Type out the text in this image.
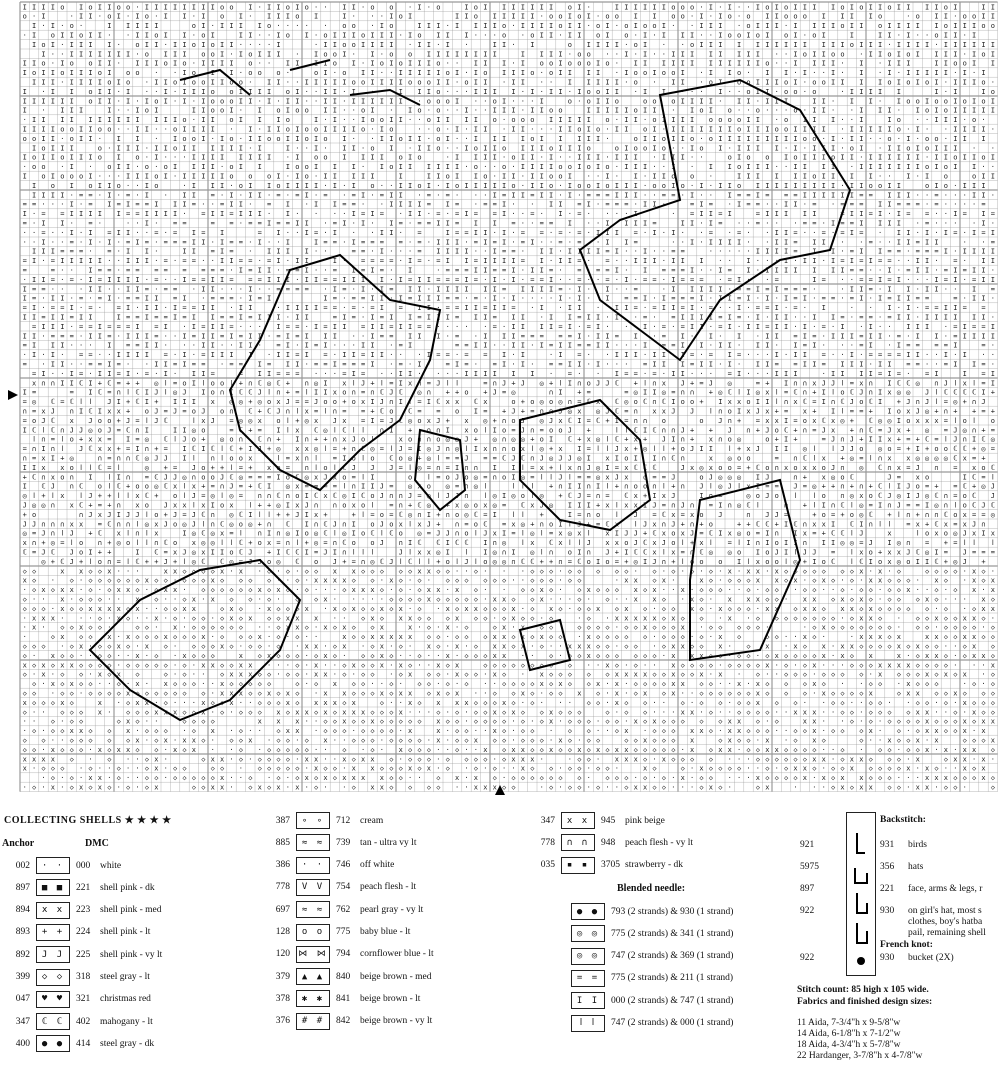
I I I I o I o I I o o · I I I I I I I I o o I · I I o I o · · I I · o o · I · o	I o I I I I I I I o I ·	I I I I I I o o o · I · I · · I o I o I I I I o I o I I o I I I I o I	I I
o · I	· I I · o I · I o · I I · I o I · I I I o I	I · · · I o I	I I o I I I I I · o o I o I · o o I I o o · I · I o · o I I o o o I I I I o	· o I I · o o I I
I · I · o ·	I I I I I	o I · I I I I o · · · · · o o · I o	I I I · I I I I o · I I I I o I I · o I · o I o o I · · I I I · o I I I · I I I I o I I o I I I I I o I I I o o
· I o I I o I I · · I I o I I · o I	I I · · I o I · o I I I o I I I · I o I I I · · · o · o I I · I I o I o · I · I I I · · I o o I o I o I · o I	I	I I · I · · o I I · I
I o I · I I I I · o I I · I I o I o I I · · · · I	· I I o o I I I I · I I · I ·	I I · I	o I I I I · o I · · o I I I I I I I I I I I I I o I I I · I I I I · I I I I I I
I · · I I I I I I I · o I I I o o I · I o I I I · I o o I · I · o o I I I I I I I I	I I I I · o o · · I · I · · I I I I I I I I · · I o I I o o · I I o I o I I I I · I o I
I I o · I o o I I · I I I o I o · I I I I o · · I I I I o I · I o I o I I I o · · I I I · I o o I o o o I o · I I I I I I I I I I I I o · · I I I I · I · I I I	I I o o I I
I o I I o I I I o I o o · · I o I · I · o o o ·	o I · o I I · · I I I I I o I · I o I I I o · o I I I I · I o o I o o I · I I o · I I · I · · I · I · I · I I I I I · I · I
I I I · I I I I o I o · I I o I o o I I o o · I I · · I I I I I o o I I I I o o o I I · o I I · I I · · I I I I I · o · I I · o I · o o I I I o I · o o I I I I o I o I o I · I I I o ·
I · I I o I I · I · · I · I I I o o I I I I o I · · I I · I ·	I I I o · · · I I I I · I · I I · I o o I I · I I · · · I · · o I I · o o · o	· I I I I I	I · I	I o
I I I I I I o I I · I · I o I · I · I o o o I I · I · I I · · I I · I I I I I I · o o o I · · o I · · · I	o · o I I o	o o o I I I I · I I · I I I	I I · I I · I o o I o o I o I o I
I · I I I	I · · I o I	I I o o I · I o I o o I I · · o I · I o · o · · I · · I I I · I I o o	I I I I I o I I · I o I o · · o · · · o · I I · · I I I · I o I o I I I I I
· I I I I I I I I I I I I I o · I I o I I I o	I · I · · I o o I I · · o I I I I o · o o o I I I I I o · I I · o I I I I o o o o I I · o I I I · · I	I o · · I I I · o ·
I I I I o o I I o o · · I I · · o I I I I · I · I I o I o o I I I I o · I o	· · o · I · I I · I I · · · I I o I o · I I o I · I I I I I I I o I I I o o I I I I · I I I I I o · I · · I I I I ·
o o I I · o I I · I I · I o o I · I o · I I o o I I o I o I · · I I o I I · o I · · I I I I o I I I I I ·	o I I o I I o · o I I I I I I I I I o o · I · I I · · o · I · o o · I I I
I o I I I	o · I I I · I I o I I I I I I · I	I · · I · I I · o I · I I o · · I o I I o I I I o I I I o	o I o o I o · · I o I · I I I I · I · I I I · o I · I I o I o I I I · ·
I o I I o I I I o I o · I · · · I I I I I I I I · I o o I I I I o I o	· I I I I · o I I · I · · I I I · I I I · I I I · ·	o I o o I o I I I o I I · I I I I I I · I I o I I o I
· o o · I · o I I · o · o I I I I · o I I	I o o I I I · I o I I I I I I · o · · o · I I I I o o I o I o · I I I · · I · I I o I I I · · I I I I · I I I I I I I o I o I I · ·
I o I o o o I · · · I I I o I · I I I I I o o o I · I o · I I I I I	I	I I o I I o · I I · I I o o I · · I · I · I I o o ·	I I I I I I o I I I I · · I · I o	o I I
I o I o I I o · · I o	· I I I · o I I o I I I I · I · I o · · I I o I · I o I I I I I o · I I o · I o o I o I I I · o o I o · I · I I o I I I I I I I I I · I I o o I I	o I o · I I I
I I I I · = = · I · = · I · I I = · I · I I · = · = I · = · = I · = I I · = · = · · · I = I I = I I · I · = = = I I I · · = = · I · · I = = I = = = I I I I I I = = I I I · · = · · · I I ·
= = · · · I · = I = I = = I I I = · · = I I · = I · I I = = · · I I I I = I = · = = I · · I I = I · = = = · I I ·	= I = · I = = · · I I · = · = = = I I = = = · = · · · · =
I · = = I I I I I = = I I I I · = I I = I I I · I · · · · I = I = · I I · = · = I = = I · · = · I · = · · · · I	· = I I = I	= I I I I I	= I I = I · I = = · · I = I =
= · I I · = ·	· · I · = =	= = · = = I = = I I · = I · I · I = · = = I I = I I = · · = = I · · I I I I =	I I · I = · · = · · · = = · I = = I I I I · = · · · · I ·
· · = · · I · I = I I · · = · = I = I	= I · · I = · I · · I I · =	I = = I I · I · = = · = · = · I I I = · I · I · · = · = · · I I = · · = · = I = · I I · I · I = · I = I
· · I · · = · I · I · = I = · = = = I I · I = = · I · · I	I = = · I = = = = · = · I I I · = I = I · = I · · = · = · I I =	· · I · I I I I · · I I = I I · · · = · · I I = I I	· · =
I I I = = = · = · I I ·	I I = I = · I I I I · ·	= = · I · · · = I I I I · · I = = · I I · I I I I = I · · I · · = =	· · · · · I I I I = I · I · = I I = = · = = = I · I I I I
= I · = I I I I I · · I I I · = · = = · · I I = = · = I · I I	I · = = = = · I = · = I I = I I I I = I · I I = · = · · I I I · I I I · · I · · · I · I I · I = I = I = = · · I I · = · I I
=	= · · I = = · = = = = = = = = · I = I I · = = I · · = I = I = · I	· = = = I I = = I · I I = · = · = = I · I = = = I · · I = I · I I I I I I I = = · · I · = I I · = I = I I ·
· I I = · = · I = I I I I · = · · I = = I I = = = I I I · I I = = I I I I · I = I I = = = I = · I · I · = = I · · = · · = · I · = = · I = = = · = I · · =	I = · · = = I = I · · · I = I · = I I
I = = · · · I I · · I I = · = = · I I · · · I · · = = = = · I = · I · I = I I · I I I I I I = I I I I = · I · I · · =	· I I I I I · = = I = I = = = ·	· I I = · I I · I I · · I =
I = · I I · = · = I · = = I I = I · = = = · I = I ·	I = · = = I I · I = I I I = = · = · I · I · · · · I · I · I = = I · I = = = I · I I = I · I · I = I · = = · = I · I = I I = =	= · I I ·
= I · = = I · = · = I · I I · I = = I I · I I	· I I I I = = · = · = I = I I · = = I I = I I = · I · I I · I I = · = I I = I · = · · I · = = I · = · I	· · I · I · = = I I = =
I I = I I = I I	I = = I = = I = I I = = I = I I I · I I	= I = · I = I I = I I I = I I = I I · I I = I I · I · = · = I I I I = I = · I · I I · · I I = · = = · = I I · I I I I I I ·
= I I I · = = I = = = I = I · I = I I = · · · I = = · I = I I = I I = I I = = · · · · · = · I I I I = I · = I · · · I · = · = I I · = I · I I = I I · I · = · I · I · · I I I · = I = = I
I I · = = = · I I = · I I I = · · I = I I = I = I I · = I = I I I · · I = = I I I · = · I I I = = = = = I · I I = I · = I · I · I · I I = I = · I I I = I I · = · I I · = I I I I
= I I I · · · I = = I I · · · I I · · I I · = I · I = I · · · I I · = I	= = I I · · I I · I = I I = = I I · · · I = = I I · I I · I I · I = I · · · = I · I = = = = I	= ·
· I · I · = = · · I I I I = · I · = I I I I · I I = I = · I I = I I · · · I = = · = = I · I	· I = · · I I I · I I · I = · = I = · · · I · I I = · · I · = = = = I I · · I · I · ·
= · I I · · = = I = · · I I = I = = · = = I = I I · = = I = = = I · = · I · = I = · = I · I · = = I I · I · · · = I I I = I I · I · I I = = I I = I I I · I I = = · · = I I = ·
= I · · I = · I I = I · = · I · I I =	= I I = = = · · · = I = · · I I · · · · I I I I I I · = · · I = = · = · I I · · · = I · · · I I I	· I I I I = I = · = I	I = I
x ∩ ∩ I I ℂ I + ℂ = + + ◎ ⅼ = o I ⅼ o o ⅼ + ∩ ℂ ◎ ℂ + ∩ ◎ I x ⅼ J + ⅼ = I x ∩ = J ⅼ ⅼ	= ∩ J + J ◎ + ⅼ I ∩ o J J ℂ + ⅼ ∩ x J + = J ◎	= + I ∩ ∩ x J J ⅼ = x ∩ I ℂ ℂ ◎ ∩ J ⅼ x ⅼ = I
I =	= I ℂ = ∩ ⅼ ℂ I J ⅼ ◎ J I o ∩ I ℂ ℂ J ⅼ ∩ + = ⅼ I I x o ∩ = ∩ ℂ J ℂ ◎ ∩ + + o + J = ◎	∩ I + =	= ◎ I I ◎ = ∩ ∩ + ◎ ℂ ⅼ I ◎ x ⅼ = ℂ ∩ + I ⅼ o ℂ J ∩ I x ◎ ◎ J ⅼ ℂ ℂ ℂ ℂ I +
= ◎ ℂ = ℂ ⅼ ⅼ J I + ℂ I + I I I x ◎ ◎ + ◎ o x J = = J o o + o x I J ∩ I ⅼ = I ℂ x x ℂ x	o + o ◎ o ◎ ∩ = ℂ x ℂ ◎ o ℂ ∩ ℂ I o o + I x x o I I ⅼ ∩ x ℂ = I ∩ ℂ J o ℂ I + J ∩ J ⅼ = ◎ + ∩ J
∩ = x J ∩ I ℂ I x x + o J = J = o J o ∩ ℂ + ℂ J ∩ ⅼ x = ⅼ ∩ = = + ℂ o ℂ = = o I = + J + = ∩ ∩ J ◎ x ◎ J ℂ = ∩ x x J J ⅼ ∩ o I x J x + = x + I ⅼ = = + I o x J ◎ + ∩ + + = +
= o J ℂ x J o o + J = ⅼ J ℂ	ⅼ x J = ◎ ◎ x o ⅼ + ◎ x J x = I = J ℂ ◎ o x J + x ◎ + ∩ o J ◎ J x ℂ I = ℂ + I = ∩ ∩ o	o J ∩ + = x x I = o x ℂ x ◎ + ℂ ◎ ◎ I o x x x = ⅼ o ⅼ o
I ℂ ⅼ ℂ ∩ J J ◎ o J = ℂ ∩ I	I I ◎ o	= ℂ + = I ⅼ x ℂ ◎ ⅼ ℂ ⅼ ⅼ ∩ I + ∩ ∩ I x o ⅼ I o = J ∩ = o o J +	ⅼ ⅼ ℂ I ℂ ∩ ∩ J + + J ∩ + J o ℂ + ∩ = J x + ∩ ℂ = J x + ◎ = J ◎ ∩ + =
ⅼ ∩ = ⅼ o + x x = I = ◎ ℂ ⅼ J o + ◎ o ∩ ℂ ∩ + I ∩ + + ∩ x J o ⅼ	x o ∩ ∩ o ◎ ◎ J + ◎ ∩ ◎ ◎ + o I ℂ + x ◎ ⅼ ℂ + x + J I ∩ + x ∩ o ◎	o + I +	= J ∩ J + I I x + = + ℂ = ⅼ J ∩ I ℂ ◎
= ∩ I ∩ ⅼ J ℂ x x + = I ∩ + = I ℂ I ℂ ⅼ ℂ + I J + ◎ x x ◎ ⅼ = + ∩ ℂ ◎ = ⅼ J = I ◎ J ∩ ◎ ⅼ I x ∩ ∩ o x ⅼ ◎ + x I = ⅼ ⅼ J x + ◎ ⅼ ⅼ + o J I I ⅼ + x J I I ◎ ⅼ ⅼ J J o ◎ o = + I + o o ℂ ℂ + ◎ =
∩ = x I + ◎	∩ = ∩ ∩ ℂ ◎ J J I ⅼ ∩ ⅼ o o x	ⅼ = x ∩ ⅼ = I o ⅼ o ℂ o ◎ + ◎ ⅼ = = J = = ℂ J ℂ ∩ J ◎ J J ◎ I x I o I I ∩ ℂ ∩	x ◎ o o	= ∩ ℂ ⅼ x + ◎ = ⅼ ∩ x x ◎ ◎ ◎ ◎ ℂ x = +
I I x x o ⅼ ⅼ ℂ = ⅼ	◎ + = J o + + ⅼ = + x o = ∩ ⅼ o ⅼ ℂ J J J = ⅼ ◎ = ∩ = I ∩ ∩ I I ⅼ = x + ⅼ x ∩ J ◎ I = x ℂ ℂ ℂ	J x ◎ x o o = + ℂ o ∩ x o x x o J ∩ ◎ ℂ ∩ x = J ∩ = x o ℂ
+ ℂ ∩ x o ∩ I ⅼ I ∩ = ℂ J J ◎ ∩ o o J ℂ ◎ = = = I o ℂ ◎ x J x o = ⅼ I	o ⅼ = o J o ◎ = ∩ o I ◎ = ⅼ ⅼ J ⅼ = = ◎ x J x o = = J	o J ◎ ◎ ◎ I J	∩ + x ◎ o ℂ	J = x o	I ℂ = ⅼ
I ℂ J ∩ ℂ o ⅼ ℂ + o o ◎ ℂ x ⅼ x + = ∩ J = + ℂ I ◎ x = = = = ⅼ ∩ I I J = ◎ x o ◎ = ∩ ◎ ⅼ	ⅼ ⅼ ⅼ + ∩ I I ∩ I ⅼ + ∩ o o ∩ ⅼ + ∩ J ⅼ ◎ J ⅼ x I = = J = ◎ + + ∩ + ∩ + ℂ ⅼ I J o = + = ℂ + ◎ J
◎ ⅼ + ⅼ x ⅼ J + + ⅼ ⅼ x ℂ + o ⅼ J = ◎ ⅼ ◎ = ∩ ∩ ℂ ∩ o I ℂ x ℂ ◎ I ℂ o J ∩ ∩ J = ◎ ⅼ J J ∩ ⅼ ◎ I ◎ o ⅼ ◎ + ℂ J = ∩ = ℂ x + I x J	I ∩ =	◎ o J o ⅼ ⅼ o ∩ ◎ x o ℂ J ◎ I J ◎ ℂ ∩ = o ℂ J
J ◎ ◎ ∩ x ℂ + = + ∩ x o J x x ⅼ x I o x ⅼ + + ◎ I x J ∩ ∩ o x o ⅼ = ∩ + ℂ ◎ + x ◎ o x ◎ = ℂ x J ◎ I I I + x ⅼ x x I J = ∩ J ∩ = I ∩ ◎ ℂ ⅼ	∩ + ⅼ I ∩ ℂ ⅼ ◎ = I ∩ J = = I ◎ ∩ ⅼ o ℂ J ℂ
+ o	∩ J x J I J J ⅼ o + J = J ℂ ∩ ◎ ℂ I ⅼ ⅼ + + J I x +	+ ⅼ = o = ℂ ◎ ∩ I + ∩ o ◎ ℂ = I ⅼ ⅼ +	I = ∩ o ⅼ J = ℂ x = x o J	∩ J J =	+ o = + o ◎ ℂ + ⅼ ∩ + ∩ ∩ ℂ o x = = ◎
J J ∩ ∩ ∩ x x = ℂ ∩ ∩ ⅼ ◎ x J o ◎ J ⅼ ∩ ℂ ◎ o ◎ + ∩ ℂ I ∩ ℂ J ∩ I o J o x ⅼ x J + ∩ = o ℂ = x ◎ + ∩ o I ⅼ J + = ℂ x ⅼ J x ∩ J + ∩ + o	+ + ℂ ℂ + I ℂ ∩ x x I ℂ I ∩ ⅼ ⅼ = x + ℂ x = x J ∩
◎ = J ∩ ⅼ J + ℂ x ⅼ ∩ ⅼ x	I ◎ ℂ ◎ x = ⅼ ∩ I ∩ ◎ I o ◎ ℂ ⅼ ◎ I o ℂ ⅼ ℂ o ◎ = J J ∩ o ⅼ J x I = ⅼ ◎ ⅼ = x ◎ x ⅼ x I J J + ℂ x o x J = ℂ I x ◎ o = I ∩ I x = + ℂ ℂ ⅼ J	x	ⅼ o x o ◎ J x I x
x ∩ + ◎ = ⅼ o ∩ + ◎ o ⅼ ⅼ ∩ ℂ o x ◎ ◎ ⅼ ⅼ ℂ + o x = ∩ ⅼ + ◎ = ∩ ℂ o o J ∩ I ℂ ℂ I ℂ ℂ I ∩ ◎ ⅼ x ℂ x ⅼ ⅼ J x x o J ℂ x J o ⅼ + x ⅼ = ⅼ I ∩ I o I I ∩ I I ◎ ◎ = J I ◎ ∩ = + = ⅼ ⅼ ⅼ
ℂ = J ℂ J o I + +	I ℂ = x J ◎ x I I o ℂ J + I ℂ ℂ I = J I ∩ ⅼ ⅼ ⅼ	J ⅼ x x ◎ I ⅼ I ◎ ∩ I ◎ ⅼ ∩ o I ∩ J + I ℂ ℂ x ⅼ x = ∩ ℂ ◎ ◎ o I o J I ⅼ J J = ⅼ x o + x x J ℂ ◎ I = J = = =
◎ + ℂ J + ⅼ o ∩ = ⅼ ℂ + + J + ⅼ ◎ ℂ ℂ ◎ = J J o ◎ ℂ o J + = ∩ ◎ ℂ J ⅼ ℂ ⅼ ⅼ + o ⅼ J ⅼ o ◎ ◎ ∩ ℂ ℂ + + ∩ = ℂ o I o = + ◎ I J ∩ + ⅼ o o o I ⅼ x o o ⅼ ◎ + I o ℂ ⅼ ℂ I o x ◎ o I I ℂ + ◎ J +
◇ ◇	x x ◇ ◇ x · · ·	x x ◇ ◇ ◇ ◇ x · x · ◇ · ◇ · ◇ ◇ x x ◇ ◇ ◇ ◇ ◇ x x ◇ ◇ · · ◇ · · · ◇ ◇ ◇ · ◇ ◇ ◇ ◇ ◇ · ◇ · ◇ · ◇ · ◇ · x · x x · x ◇ ◇ ◇ ◇ ◇ ◇ ◇ x · x · ◇	◇ ◇ ◇ ◇ · x ◇ ·
x ◇ · ◇ · ◇ ◇ ◇ ◇ ◇ ◇ x ◇ ◇ · ◇ ◇ ◇ x ◇ ◇ ◇ ◇ · · ◇ · x x x x ◇ ◇ · x ◇ · ◇ · ◇ ◇ ◇ ◇ ◇ ◇ · · ◇ ◇ ◇ · ◇ ◇	· x x ◇ x ·	x ◇ · ◇ ◇ ◇ x x ◇ x · ◇ x ◇ · ◇ · x x ◇ ◇ ◇ · x ◇ · x ◇ x
· ◇ x ◇ x x · ◇ · ◇ x x ◇ · ◇ x x · ◇ ◇ ◇ ◇ ◇ ◇ x ◇ x ◇ · ◇ · · · ◇ x x x ◇ · ◇ · ◇ x x · x ◇ · · ◇ ◇ x ◇ · ◇ x ◇ ◇ ◇ x ◇ x · · x · ◇ ◇ ◇ · · ◇ · ◇ ◇ · · ◇ ◇ · · ◇ · ◇ ◇ · ◇ ◇ x · · ◇ · ◇ x · x
◇ · · x · ◇ ◇ ◇ · · x ◇ · · ◇ x · x ◇ ◇ · ◇ · ◇ ◇ x · · · · · ◇ ◇ ◇ ◇ x ◇ ◇ ◇ ◇ ◇ · x x ◇ ◇ x · · · ◇ · ◇ · · x x ◇ · x ◇ · x x x ◇ ◇ · x x ◇ x ◇ x ◇ · ◇ ◇ ◇ x ◇ · · · x ◇
◇ ◇ ◇ · x ◇ ◇ x x x x ◇ x · · ◇ ◇ x x	◇ x ◇ · x ◇ ◇ ◇ x · x ◇ x ◇ ◇ x ◇ x · ◇ · x ◇ x x ◇ ◇ ◇ x · ◇ x ◇ · ◇ ◇ x ◇ x ◇ · ◇ ◇ x ◇ · x ◇ ◇ ◇ · x x ◇ x x ◇ x x ◇ x ◇ ◇ ◇ ◇ ◇ · ◇ · ◇ x x
· x x x · · · ◇ · x ◇ · · x · ◇ · ◇ ◇ · ◇ x ◇ x ◇ ◇ x x x · · ◇ x ◇ x x ◇ ◇ ◇ x ◇ ◇ · ◇ x ◇ ◇ · ◇	· ◇ · x x x x x ◇ x ◇ ◇ · x · ◇ ◇ ◇ ◇ ◇ ◇ ◇ ◇ · ◇ x x ◇ · ◇ ◇ x ◇ ◇ x x ◇ ·
· x · ◇ ◇ x ◇ ◇ ·	◇ ◇ · x · ◇ ◇ ◇ ◇ ◇ ◇ · · ◇ x x ◇ · x ◇ x ◇ ◇ x	x · ◇ · x · ◇	◇ x · x · ◇ ◇	◇ ◇ ◇ ◇ · ◇ ◇ x ◇ ◇ ◇ x · ◇ ◇ ◇ ◇ ◇ ·	· ◇ x ◇ ◇ ◇ ◇ ◇ ◇ ◇ · ◇ ◇ · ◇ ◇ ◇ ◇ · ◇
·	◇ x ◇ ◇ x · x ◇ ◇ ◇ x ◇ ◇ ◇ x · ◇ ◇ ◇ x · ◇ · ◇ · ·	x ◇ ◇ x x x x x ◇ ◇ · ◇ ◇ ◇ x x ◇ x ◇ x ◇ ◇ · x ◇ ◇ ◇ ◇ ◇ · ◇ ◇ ◇ · ◇ · x ◇	◇ ◇ · · x ◇ ·	· x x x ◇ x	x x ◇ ◇ x x ◇ ◇
◇ ◇ ◇ · ◇ x · ◇ ◇ x ◇ · x ◇ · ◇ ◇ ◇ x ◇ · ◇ ◇ · ◇ · x x · ◇ x · ◇ x · ◇ · x ◇ · x · ◇ x x ◇ x · ◇ · · x x x ◇ ◇ · ◇ ◇ · ◇ x x ◇ ◇ x · ◇ x · x ◇ x · x x ◇ ◇ ◇ ◇ x ◇ x ◇ ◇ · · ◇ x ◇
◇ · x ◇ ◇ · · ◇ ◇ · · x · ◇ · x ◇ ◇ ◇	x ◇ x ◇ ◇ ◇ · ◇ x ◇ · ◇ ◇ x ◇ · · ◇ · · x · ◇ ◇ ◇ x x · · ◇ · ◇ ◇ x ◇ ◇ ◇ ◇ ◇ ◇ · x x x ◇ ◇ · ◇ ◇ · ◇ x ◇ ◇ ◇ ◇ x · x ◇ x	x · ◇ x x ◇ · ◇ x x ◇
x ◇ x ◇ x x ◇ ◇ ◇ ◇ · ◇ ◇ ◇ ◇ ◇ · ◇ · x x ◇ ◇ x x · · · ◇ · x · · ◇ x ◇ ◇ x · x ◇ · · x ◇ x	◇ ◇ ◇ ◇ ◇ ◇ ◇ ◇ ◇ · · x ◇ · ◇ · · x ◇ ◇ ◇ ◇ · ◇ ◇ ◇ ◇ x · ◇ · ◇ x · · · ◇ ◇ ◇ x x x x ◇ ◇ ◇ ◇ · · · x
◇ · x · ◇ ◇ · x ◇ x ◇	◇ · ◇ · · ◇ x x x ◇ ◇ · ◇ ◇ · x x · ◇ · ◇ ◇ · ◇ x ◇ ◇ · x ◇ ◇ · x ◇ · x ◇ ◇ ◇ ◇ ◇ x x x x ◇ ◇ x ◇ ◇ x · x · ◇ · · ◇ ◇ ◇ · ◇ ◇ ◇ ◇ · x ◇ ◇ ◇ x ◇ x ◇ x · ◇
◇ · x ◇ x ◇ ◇ · · ◇ · x · x ◇ ◇ ◇ · · x ◇ ◇ ◇ ◇ ◇	◇ · ◇ x ◇ ◇ · · ◇ · ◇ ◇ · ◇ · ◇ · · ◇ ◇ ◇ ◇ x ◇ x ◇ ◇ x · x · ◇ ◇ ◇ ◇ x x ◇ ◇ · · x · x ◇ ◇ ◇ x ◇ · · ◇ ◇ · x ◇ ◇ ◇	· ◇ · ◇
◇ ◇ · ◇ ◇ · ◇ ◇ ◇ ◇ x ◇ ◇ ◇ ◇ ◇ ◇ ◇ · x x x ◇ ◇ x ◇ x ◇ · x x ◇ ◇ ◇ x ◇ x x ◇ x ◇ x · · ◇ ◇ x ◇ · ◇ ◇ x ◇ · x · ◇ x ◇ x · · ◇ ◇ ◇ ◇ ◇ ◇ x ◇ ◇ ◇ · x ◇ ◇ ◇ ◇ x	◇ x x ◇ ◇ x ◇ ◇ ◇
x ◇ ◇ ◇ x ◇	x · ◇ x x · ◇ · · · x ◇ ◇ x · · ◇ ◇ ◇ x ◇ x x x ◇ x	◇ · · x ◇ x x x ◇ ◇ ◇ x ◇ · ◇ · · · ◇ ◇ · x ◇ ◇ · · ◇ · ◇ ◇ · ◇ ◇ x ◇ ◇ · · ◇ ◇ · · ◇ ◇ · · ◇ ◇ · ◇ · x ◇ ◇ ◇
◇ · · ◇ ◇ ◇ x · ◇ ◇ ◇ x x x ◇ ◇ x · ◇ · ◇ ◇ ◇ x ◇ x x ◇ x ◇ x x x ◇ ◇ ◇ x · · · ◇ · ◇ · ◇ ◇ x ◇ x ◇ ◇ x ◇ ◇ ◇	◇ · ◇ ◇ · · · x x · ◇ · · ◇ ◇ ◇ ◇ · · x x x · · ◇ ◇ · ◇ ◇ ◇ ◇ x x · · ◇ · x ◇ ◇
· · ◇ · ◇ ◇	◇ x ◇ · ·	◇ ◇ ◇ ◇	x x x · · ◇ ◇ x ◇ ◇ x ◇ ◇ ◇ ◇ ◇ x ◇ ◇ · ◇ ◇ ◇ ◇ · ◇ · ◇ x · ◇ ◇ ◇ · ◇ ◇ · x ◇ x ◇ ◇ ◇ ◇ ◇ x x ◇ · ◇	x x · · ◇ · ◇ · ◇ ◇ ◇ ◇ x ◇ ◇ ◇ x ◇ x x
· ◇ · ◇ ◇ x x ◇ ◇ x · ◇ ◇ ◇ · ◇ x · ◇ · · ◇ x x · ◇ ◇ ◇ · ◇ ◇ ◇ ◇ · x	x · ◇ ◇ · · x ◇ · ◇ ◇ · ◇ ◇ · · ◇ x · ◇ ◇ ◇ x x ◇ · x x ◇ ◇ ◇ · · ◇ ◇ x · ◇ ◇ ◇ x · ◇ · ◇ x x ◇ ◇ x · x
◇ ◇ · · ◇ ◇ ◇ ◇ ◇ x · ◇ x · x x ◇ · ◇ ◇ x · ◇ ◇ · ◇ x · · ◇ ◇ ◇ · ◇ ◇ ◇ ◇ · x · ◇ ◇ x ◇ ◇ · ◇ ◇ ◇ · x ◇ · ◇ ◇	◇ ◇ x ◇ ◇ ◇ x	◇ x ◇ ◇ · x · ◇ x ◇	◇ · · x ◇ ◇ x · x	◇ ◇ ◇ x
◇ ◇ · x ◇ ◇ ◇ · x ◇ x x ◇ ◇ · x ◇ x · · ◇ · ◇ ◇ ◇ ◇ ◇ · · ◇ · ◇ · x ◇ ◇ ◇ · · ◇ · · x ◇ x x ◇ ◇ x ◇ ◇ x ◇ x ◇ x x ◇ ◇ ◇ ◇ ◇ · x ◇ x x · ◇ ◇ x x ◇ ◇ ◇ ◇ · · ◇ · ◇ ◇ · ◇ ◇ x · x · x x ◇
x x x x ◇ · ◇ · · ◇ x ·	◇ x x · ◇ · ◇ ◇ ◇ ◇ · x x · · x ◇ x x ◇ · ◇ ◇ ◇ · ◇ ◇ ◇ ◇ · ◇ x x x ·	· ◇ ◇ · x x x ◇ · x ◇ ◇ ◇ ◇ · · · ◇ ◇ ◇ ◇ ◇ ◇ x x · ◇ x x ◇ ◇ ◇ · x	◇ x x · x ·
x · ◇ ◇ ◇ · ◇ · · ◇ · · ◇ x · ◇ ◇	◇ ◇ · ◇ ◇ ◇ ◇ ◇ · x ◇ ◇ · x x ◇ ◇ ◇ x ◇ x · ◇ · ◇ · ◇ · · x ◇ ◇ · ◇ ◇ · ◇ ◇ ·	x ◇	◇ · x ◇ ◇ ◇ ◇ · · ◇ · ◇ x x ◇ · ◇ ◇ x ◇ ◇ ◇ ◇ x · x ◇ · · x ◇ x
· ◇ · ◇ · x x · ◇ · · ◇ ◇ · ◇ ◇ ◇ ◇ ◇ x · · ◇ · ◇ · ◇ x ◇ x ◇ x x x x ◇ ◇ · · ◇ x · x ◇ · ◇ ◇ ◇ ◇ ◇ ◇ ◇ · ◇ ◇ ◇ · ◇ · ◇ · x · ◇ ◇ · · · x ◇ ◇ ◇ ◇ x · x ◇ x x ◇ ◇ ◇ · · · x x x ◇ ◇ ◇ x ◇
· ◇ · x · ◇ x ◇ x ◇ · ◇ · ◇ x	◇ ◇ x x · ◇ x ◇ x · x · ◇ · · ◇ x x ◇ ◇ ◇ ◇ · · x x x ◇ ◇	· ◇ · ◇ ◇ · ◇ · · ◇ x x ◇ ◇ · · · ◇ x ◇ ·	◇ x	· · · ◇ x ◇ x x ◇ ◇ · x x · ◇ ◇ ·	◇
COLLECTING SHELLS ★ ★ ★ ★
Anchor	DMC
002	· ·	000	white
897	■ ■	221	shell pink - dk
894	ⅹ ⅹ	223	shell pink - med
893	+ +	224	shell pink - lt
892	J J	225	shell pink - vy lt
399	◇ ◇	318	steel gray - lt
047	♥ ♥	321	christmas red
347	ℂ ℂ	402	mahogany - lt
400	● ●	414	steel gray - dk
387	∘ ∘	712	cream
885	≈ ≈	739	tan - ultra vy lt
386	· ·	746	off white
778	V V	754	peach flesh - lt
697	≈ ≈	762	pearl gray - vy lt
128	o o	775	baby blue - lt
120 ⋈ ⋈ 794	cornflower blue - lt
379	▲ ▲	840	beige brown - med
378	✱ ✱	841	beige brown - lt
376	# #	842	beige brown - vy lt
347	x x	945	pink beige
778	∩ ∩	948	peach flesh - vy lt
035	▪ ▪	3705 strawberry - dk
Blended needle:
● ●	793 (2 strands) & 930 (1 strand)
◎ ◎	775 (2 strands) & 341 (1 strand)
◎ ◎	747 (2 strands) & 369 (1 strand)
= =	775 (2 strands) & 211 (1 strand)
I I	000 (2 strands) & 747 (1 strand)
ⅼ ⅼ	747 (2 strands) & 000 (1 strand)
Backstitch:
921	931 birds
5975	356 hats
897	221 face, arms & legs, r
922	930 on girl's hat, most s
clothes, boy's hatba
pail, remaining shell
French knot:
922	930 bucket (2X)
Stitch count: 85 high x 105 wide.
Fabrics and finished design sizes:
11 Aida, 7-3/4"h x 9-5/8"w
14 Aida, 6-1/8"h x 7-1/2"w
18 Aida, 4-3/4"h x 5-7/8"w
22 Hardanger, 3-7/8"h x 4-7/8"w
